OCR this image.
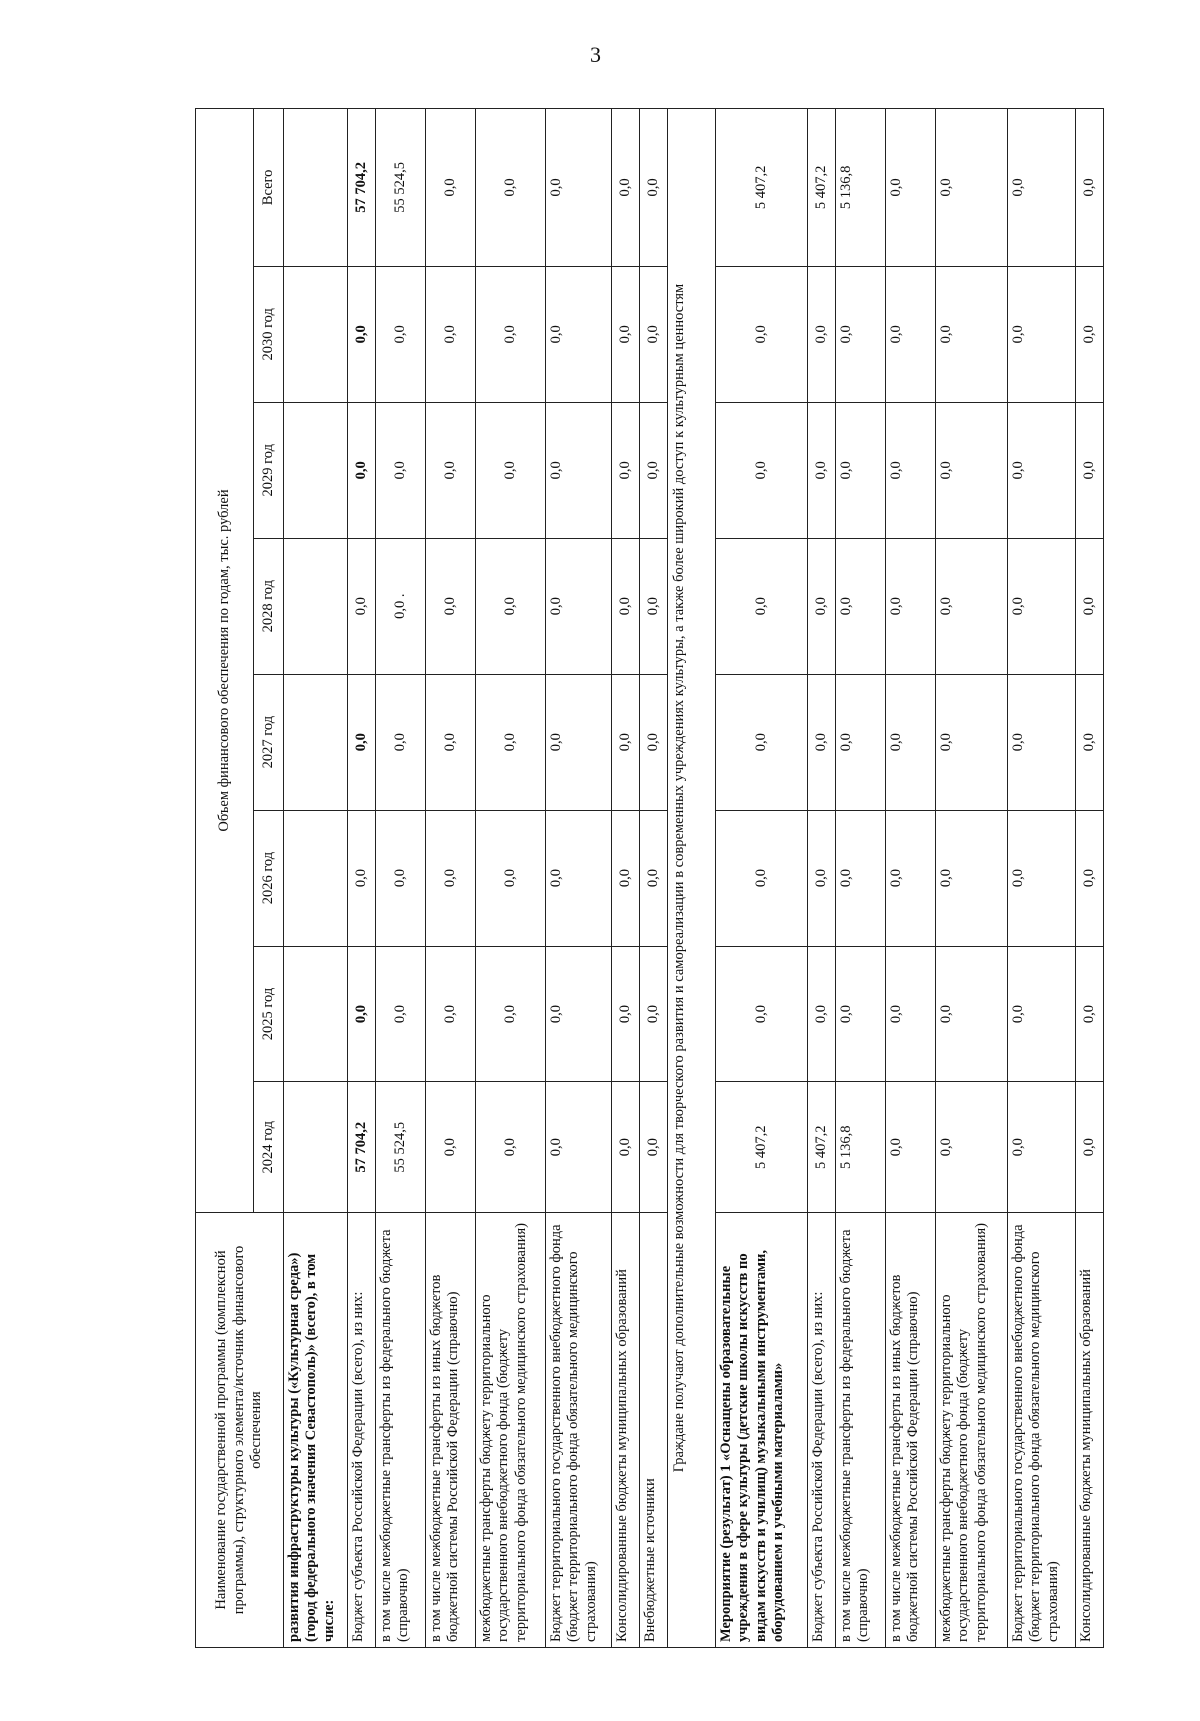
3
Наименование государственной программы (комплексной программы), структурного элемента/источник финансового обеспечения	Объем финансового обеспечения по годам, тыс. рублей							
	2024 год	2025 год	2026 год	2027 год	2028 год	2029 год	2030 год	Всего
развития инфраструктуры культуры («Культурная среда») (город федерального значения Севастополь)» (всего), в том числе:								
Бюджет субъекта Российской Федерации (всего), из них:	57 704,2	0,0	0,0	0,0	0,0	0,0	0,0	57 704,2
в том числе межбюджетные трансферты из федерального бюджета (справочно)	55 524,5	0,0	0,0	0,0	0,0 .	0,0	0,0	55 524,5
в том числе межбюджетные трансферты из иных бюджетов бюджетной системы Российской Федерации (справочно)	0,0	0,0	0,0	0,0	0,0	0,0	0,0	0,0
межбюджетные трансферты бюджету территориального государственного внебюджетного фонда (бюджету территориального фонда обязательного медицинского страхования)	0,0	0,0	0,0	0,0	0,0	0,0	0,0	0,0
Бюджет территориального государственного внебюджетного фонда (бюджет территориального фонда обязательного медицинского страхования)	0,0	0,0	0,0	0,0	0,0	0,0	0,0	0,0
Консолидированные бюджеты муниципальных образований	0,0	0,0	0,0	0,0	0,0	0,0	0,0	0,0
Внебюджетные источники	0,0	0,0	0,0	0,0	0,0	0,0	0,0	0,0
Граждане получают дополнительные возможности для творческого развития и самореализации в современных учреждениях культуры, а также более широкий доступ к культурным ценностям								
Мероприятие (результат) 1 «Оснащены образовательные учреждения в сфере культуры (детские школы искусств по видам искусств и училищ) музыкальными инструментами, оборудованием и учебными материалами»	5 407,2	0,0	0,0	0,0	0,0	0,0	0,0	5 407,2
Бюджет субъекта Российской Федерации (всего), из них:	5 407,2	0,0	0,0	0,0	0,0	0,0	0,0	5 407,2
в том числе межбюджетные трансферты из федерального бюджета (справочно)	5 136,8	0,0	0,0	0,0	0,0	0,0	0,0	5 136,8
в том числе межбюджетные трансферты из иных бюджетов бюджетной системы Российской Федерации (справочно)	0,0	0,0	0,0	0,0	0,0	0,0	0,0	0,0
межбюджетные трансферты бюджету территориального государственного внебюджетного фонда (бюджету территориального фонда обязательного медицинского страхования)	0,0	0,0	0,0	0,0	0,0	0,0	0,0	0,0
Бюджет территориального государственного внебюджетного фонда (бюджет территориального фонда обязательного медицинского страхования)	0,0	0,0	0,0	0,0	0,0	0,0	0,0	0,0
Консолидированные бюджеты муниципальных образований	0,0	0,0	0,0	0,0	0,0	0,0	0,0	0,0
